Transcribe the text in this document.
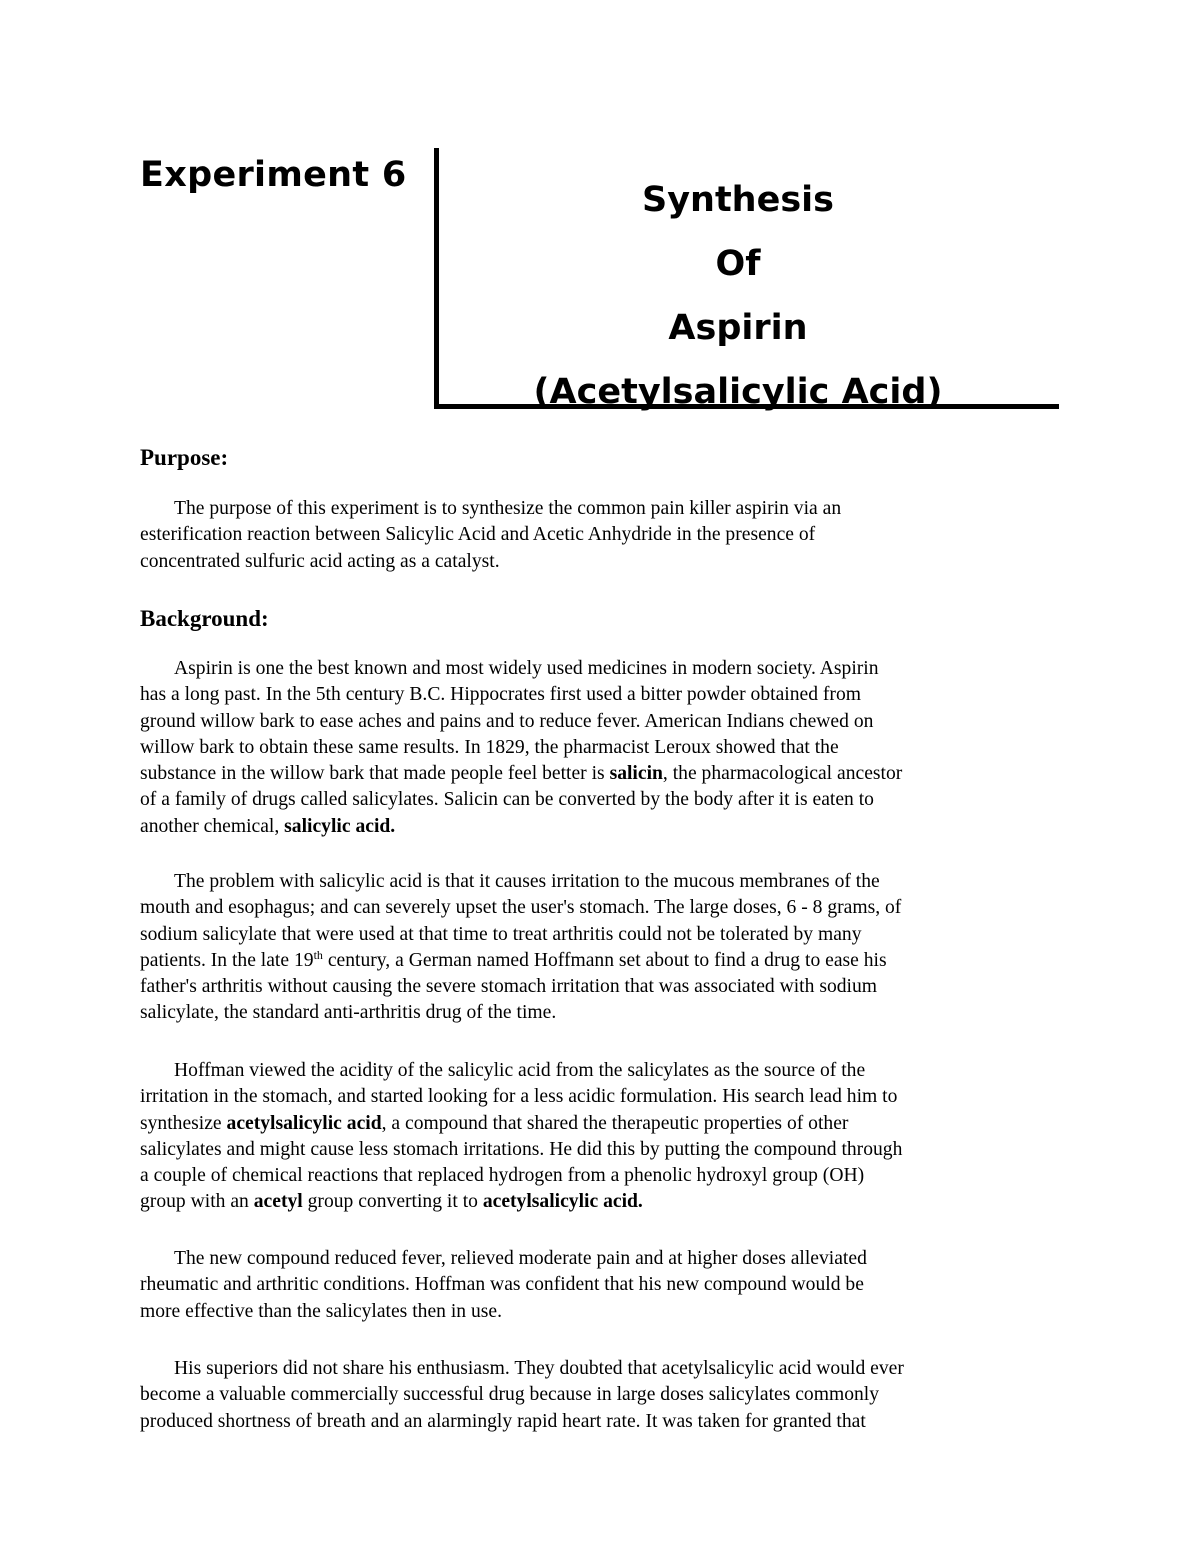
Experiment 6
Synthesis
Of
Aspirin
(Acetylsalicylic Acid)
Purpose:
The purpose of this experiment is to synthesize the common pain killer aspirin via an
esterification reaction between Salicylic Acid and Acetic Anhydride in the presence of
concentrated sulfuric acid acting as a catalyst.
Background:
Aspirin is one the best known and most widely used medicines in modern society. Aspirin
has a long past. In the 5th century B.C. Hippocrates first used a bitter powder obtained from
ground willow bark to ease aches and pains and to reduce fever. American Indians chewed on
willow bark to obtain these same results. In 1829, the pharmacist Leroux showed that the
substance in the willow bark that made people feel better is salicin, the pharmacological ancestor
of a family of drugs called salicylates. Salicin can be converted by the body after it is eaten to
another chemical, salicylic acid.
The problem with salicylic acid is that it causes irritation to the mucous membranes of the
mouth and esophagus; and can severely upset the user's stomach. The large doses, 6 - 8 grams, of
sodium salicylate that were used at that time to treat arthritis could not be tolerated by many
patients. In the late 19th century, a German named Hoffmann set about to find a drug to ease his
father's arthritis without causing the severe stomach irritation that was associated with sodium
salicylate, the standard anti-arthritis drug of the time.
Hoffman viewed the acidity of the salicylic acid from the salicylates as the source of the
irritation in the stomach, and started looking for a less acidic formulation. His search lead him to
synthesize acetylsalicylic acid, a compound that shared the therapeutic properties of other
salicylates and might cause less stomach irritations. He did this by putting the compound through
a couple of chemical reactions that replaced hydrogen from a phenolic hydroxyl group (OH)
group with an acetyl group converting it to acetylsalicylic acid.
The new compound reduced fever, relieved moderate pain and at higher doses alleviated
rheumatic and arthritic conditions. Hoffman was confident that his new compound would be
more effective than the salicylates then in use.
His superiors did not share his enthusiasm. They doubted that acetylsalicylic acid would ever
become a valuable commercially successful drug because in large doses salicylates commonly
produced shortness of breath and an alarmingly rapid heart rate. It was taken for granted that
